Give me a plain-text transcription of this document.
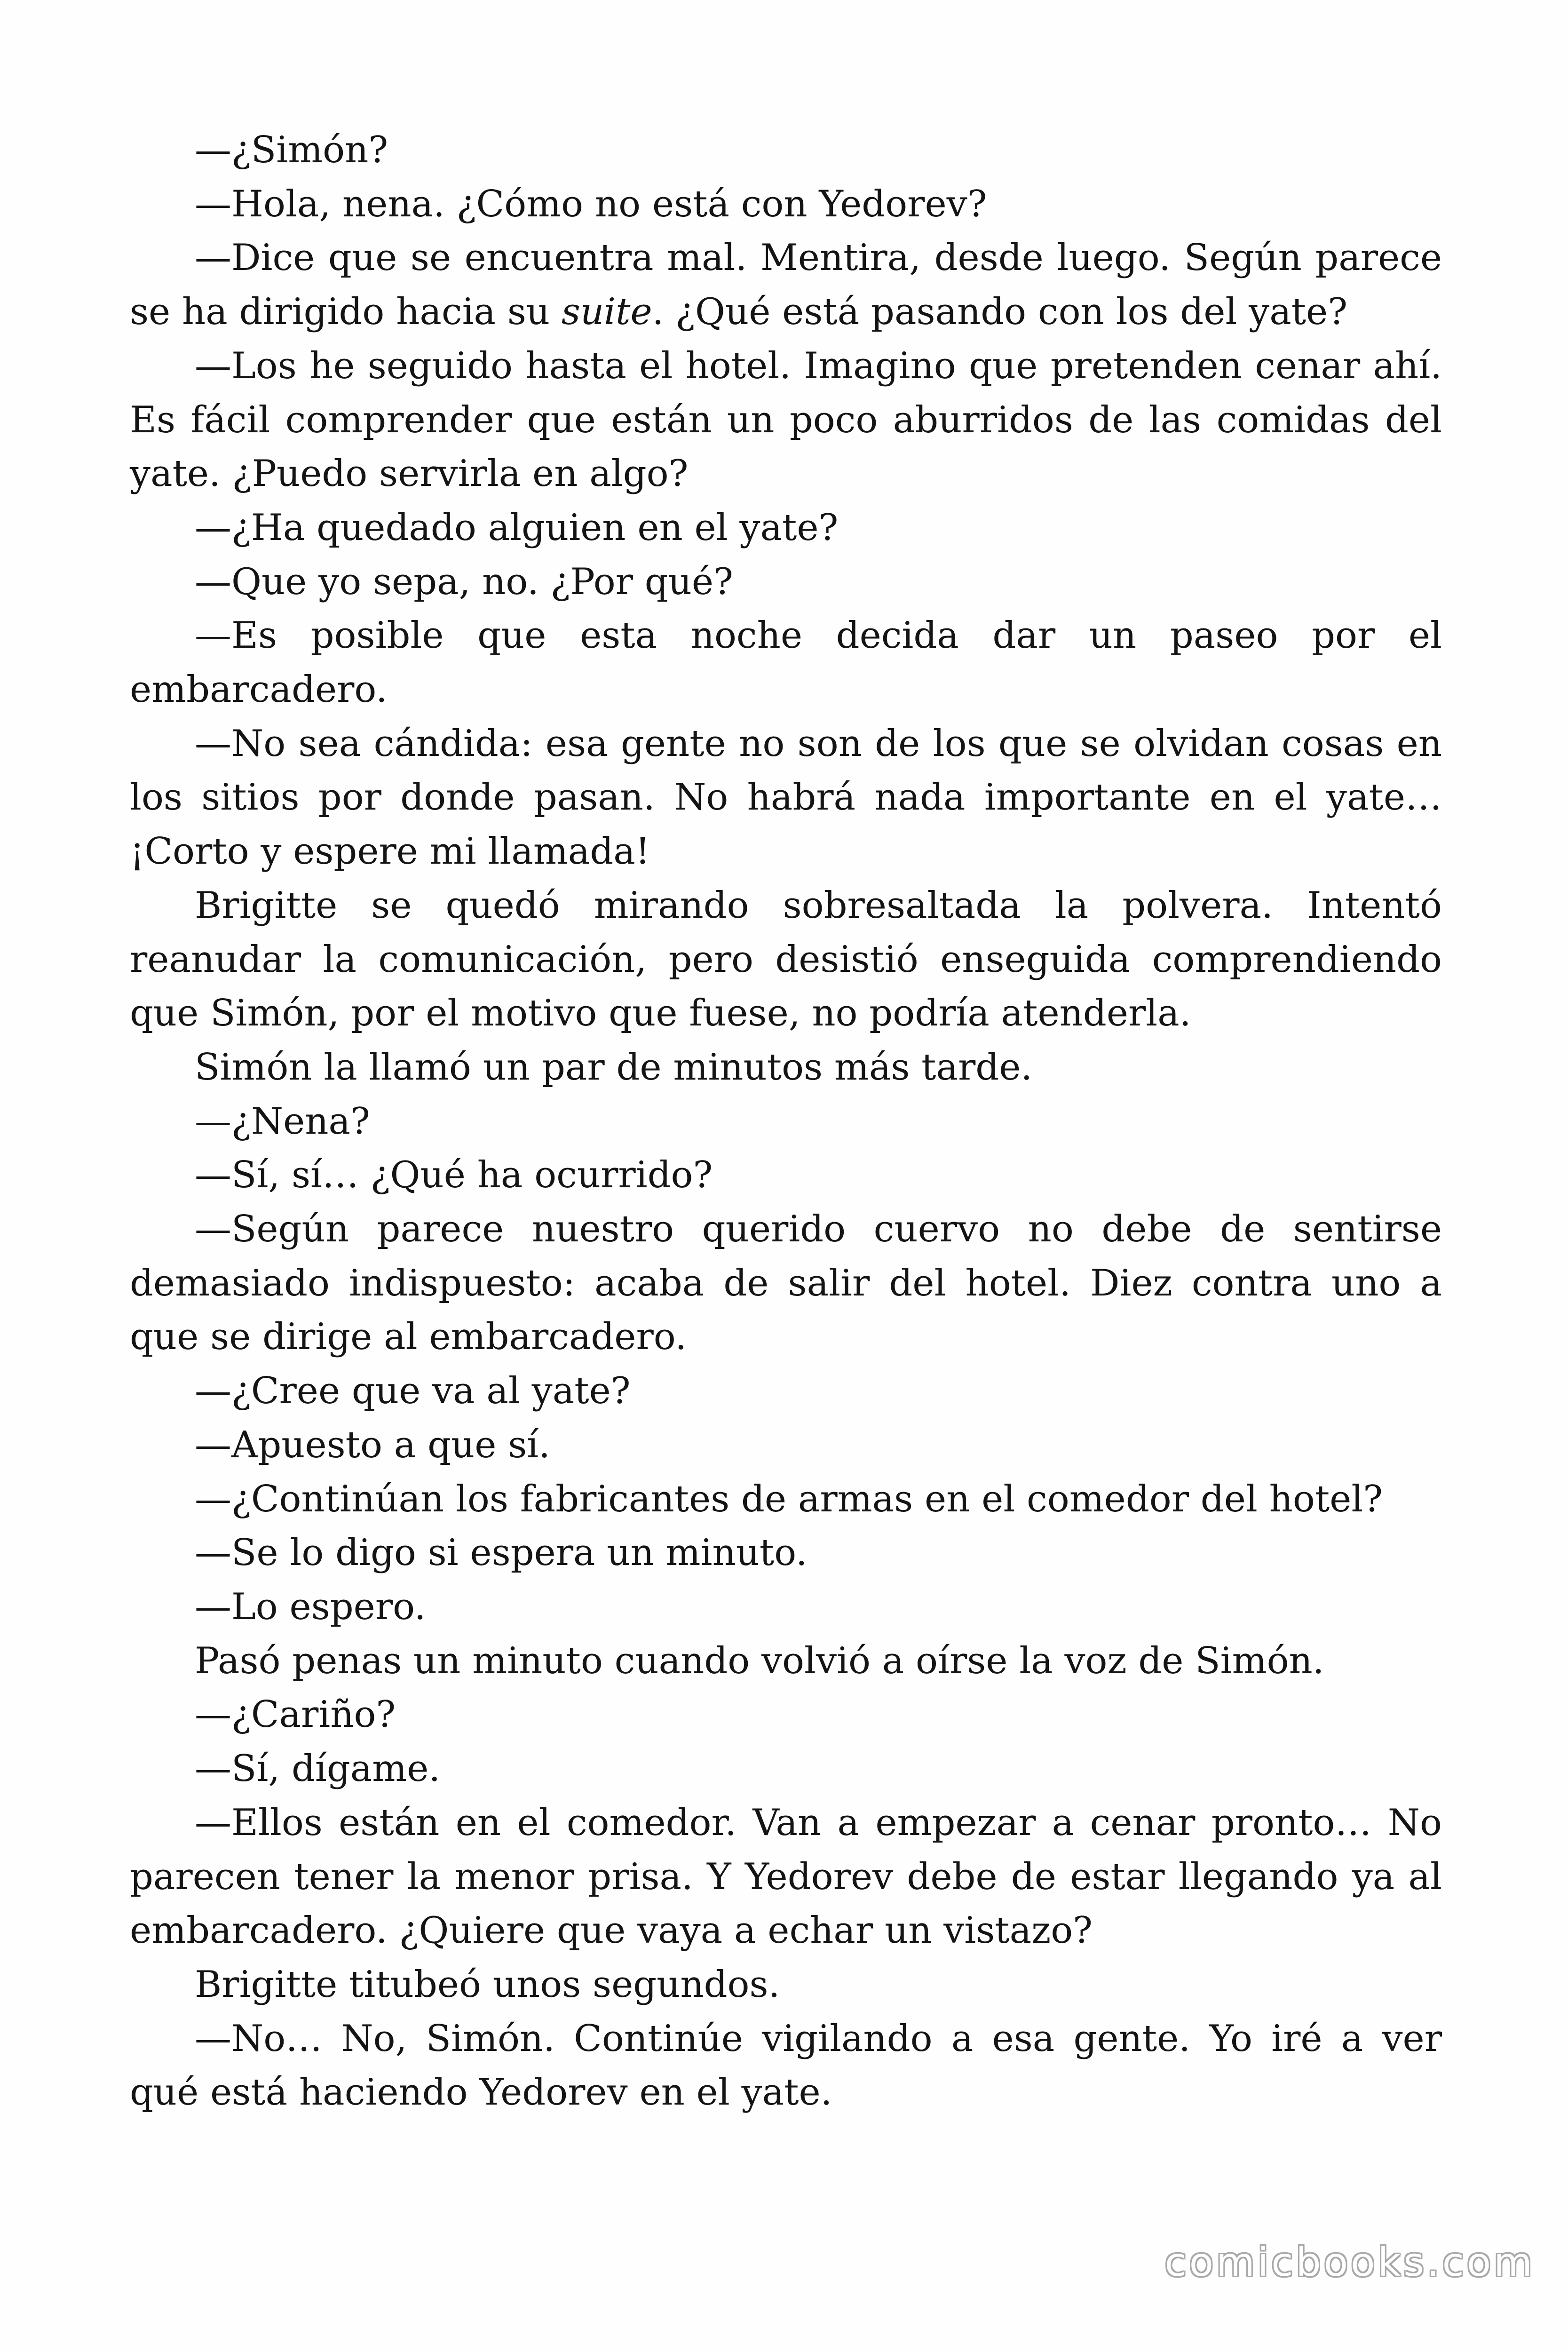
—¿Simón?

—Hola, nena. ¿Cómo no está con Yedorev?

—Dice que se encuentra mal. Mentira, desde luego. Según parece se ha dirigido hacia su suite. ¿Qué está pasando con los del yate?

—Los he seguido hasta el hotel. Imagino que pretenden cenar ahí. Es fácil comprender que están un poco aburridos de las comidas del yate. ¿Puedo servirla en algo?

—¿Ha quedado alguien en el yate?

—Que yo sepa, no. ¿Por qué?

—Es posible que esta noche decida dar un paseo por el embarcadero.

—No sea cándida: esa gente no son de los que se olvidan cosas en los sitios por donde pasan. No habrá nada importante en el yate… ¡Corto y espere mi llamada!

Brigitte se quedó mirando sobresaltada la polvera. Intentó reanudar la comunicación, pero desistió enseguida comprendiendo que Simón, por el motivo que fuese, no podría atenderla.

Simón la llamó un par de minutos más tarde.

—¿Nena?

—Sí, sí… ¿Qué ha ocurrido?

—Según parece nuestro querido cuervo no debe de sentirse demasiado indispuesto: acaba de salir del hotel. Diez contra uno a que se dirige al embarcadero.

—¿Cree que va al yate?

—Apuesto a que sí.

—¿Continúan los fabricantes de armas en el comedor del hotel?

—Se lo digo si espera un minuto.

—Lo espero.

Pasó penas un minuto cuando volvió a oírse la voz de Simón.

—¿Cariño?

—Sí, dígame.

—Ellos están en el comedor. Van a empezar a cenar pronto… No parecen tener la menor prisa. Y Yedorev debe de estar llegando ya al embarcadero. ¿Quiere que vaya a echar un vistazo?

Brigitte titubeó unos segundos.

—No… No, Simón. Continúe vigilando a esa gente. Yo iré a ver qué está haciendo Yedorev en el yate.

comicbooks.com
